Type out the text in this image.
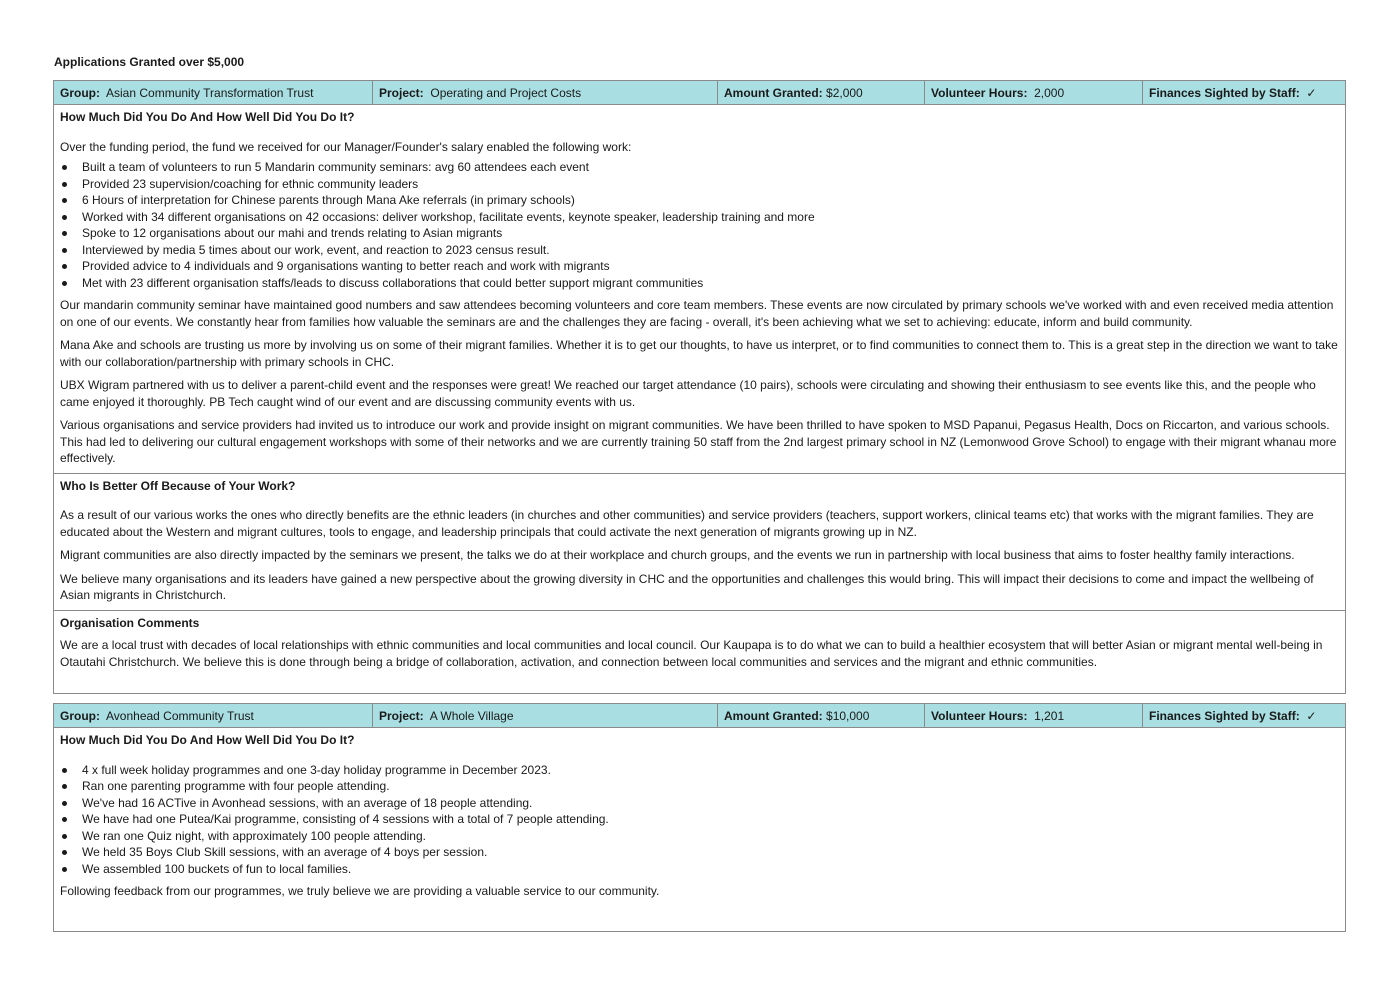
Applications Granted over $5,000
Group: Asian Community Transformation Trust	Project: Operating and Project Costs	Amount Granted: $2,000	Volunteer Hours: 2,000	Finances Sighted by Staff: ✓
How Much Did You Do And How Well Did You Do It?

Over the funding period, the fund we received for our Manager/Founder's salary enabled the following work:

Built a team of volunteers to run 5 Mandarin community seminars: avg 60 attendees each event
Provided 23 supervision/coaching for ethnic community leaders
6 Hours of interpretation for Chinese parents through Mana Ake referrals (in primary schools)
Worked with 34 different organisations on 42 occasions: deliver workshop, facilitate events, keynote speaker, leadership training and more
Spoke to 12 organisations about our mahi and trends relating to Asian migrants
Interviewed by media 5 times about our work, event, and reaction to 2023 census result.
Provided advice to 4 individuals and 9 organisations wanting to better reach and work with migrants
Met with 23 different organisation staffs/leads to discuss collaborations that could better support migrant communities

Our mandarin community seminar have maintained good numbers and saw attendees becoming volunteers and core team members. These events are now circulated by primary schools we've worked with and even received media attention on one of our events. We constantly hear from families how valuable the seminars are and the challenges they are facing - overall, it's been achieving what we set to achieving: educate, inform and build community.

Mana Ake and schools are trusting us more by involving us on some of their migrant families. Whether it is to get our thoughts, to have us interpret, or to find communities to connect them to. This is a great step in the direction we want to take with our collaboration/partnership with primary schools in CHC.

UBX Wigram partnered with us to deliver a parent-child event and the responses were great! We reached our target attendance (10 pairs), schools were circulating and showing their enthusiasm to see events like this, and the people who came enjoyed it thoroughly. PB Tech caught wind of our event and are discussing community events with us.

Various organisations and service providers had invited us to introduce our work and provide insight on migrant communities. We have been thrilled to have spoken to MSD Papanui, Pegasus Health, Docs on Riccarton, and various schools. This had led to delivering our cultural engagement workshops with some of their networks and we are currently training 50 staff from the 2nd largest primary school in NZ (Lemonwood Grove School) to engage with their migrant whanau more effectively.

Who Is Better Off Because of Your Work?

As a result of our various works the ones who directly benefits are the ethnic leaders (in churches and other communities) and service providers (teachers, support workers, clinical teams etc) that works with the migrant families. They are educated about the Western and migrant cultures, tools to engage, and leadership principals that could activate the next generation of migrants growing up in NZ.

Migrant communities are also directly impacted by the seminars we present, the talks we do at their workplace and church groups, and the events we run in partnership with local business that aims to foster healthy family interactions.

We believe many organisations and its leaders have gained a new perspective about the growing diversity in CHC and the opportunities and challenges this would bring. This will impact their decisions to come and impact the wellbeing of Asian migrants in Christchurch.

Organisation Comments

We are a local trust with decades of local relationships with ethnic communities and local communities and local council. Our Kaupapa is to do what we can to build a healthier ecosystem that will better Asian or migrant mental well-being in Otautahi Christchurch. We believe this is done through being a bridge of collaboration, activation, and connection between local communities and services and the migrant and ethnic communities.

Group: Avonhead Community Trust	Project: A Whole Village	Amount Granted: $10,000	Volunteer Hours: 1,201	Finances Sighted by Staff: ✓
How Much Did You Do And How Well Did You Do It?
4 x full week holiday programmes and one 3-day holiday programme in December 2023.
Ran one parenting programme with four people attending.
We've had 16 ACTive in Avonhead sessions, with an average of 18 people attending.
We have had one Putea/Kai programme, consisting of 4 sessions with a total of 7 people attending.
We ran one Quiz night, with approximately 100 people attending.
We held 35 Boys Club Skill sessions, with an average of 4 boys per session.
We assembled 100 buckets of fun to local families.

Following feedback from our programmes, we truly believe we are providing a valuable service to our community.
